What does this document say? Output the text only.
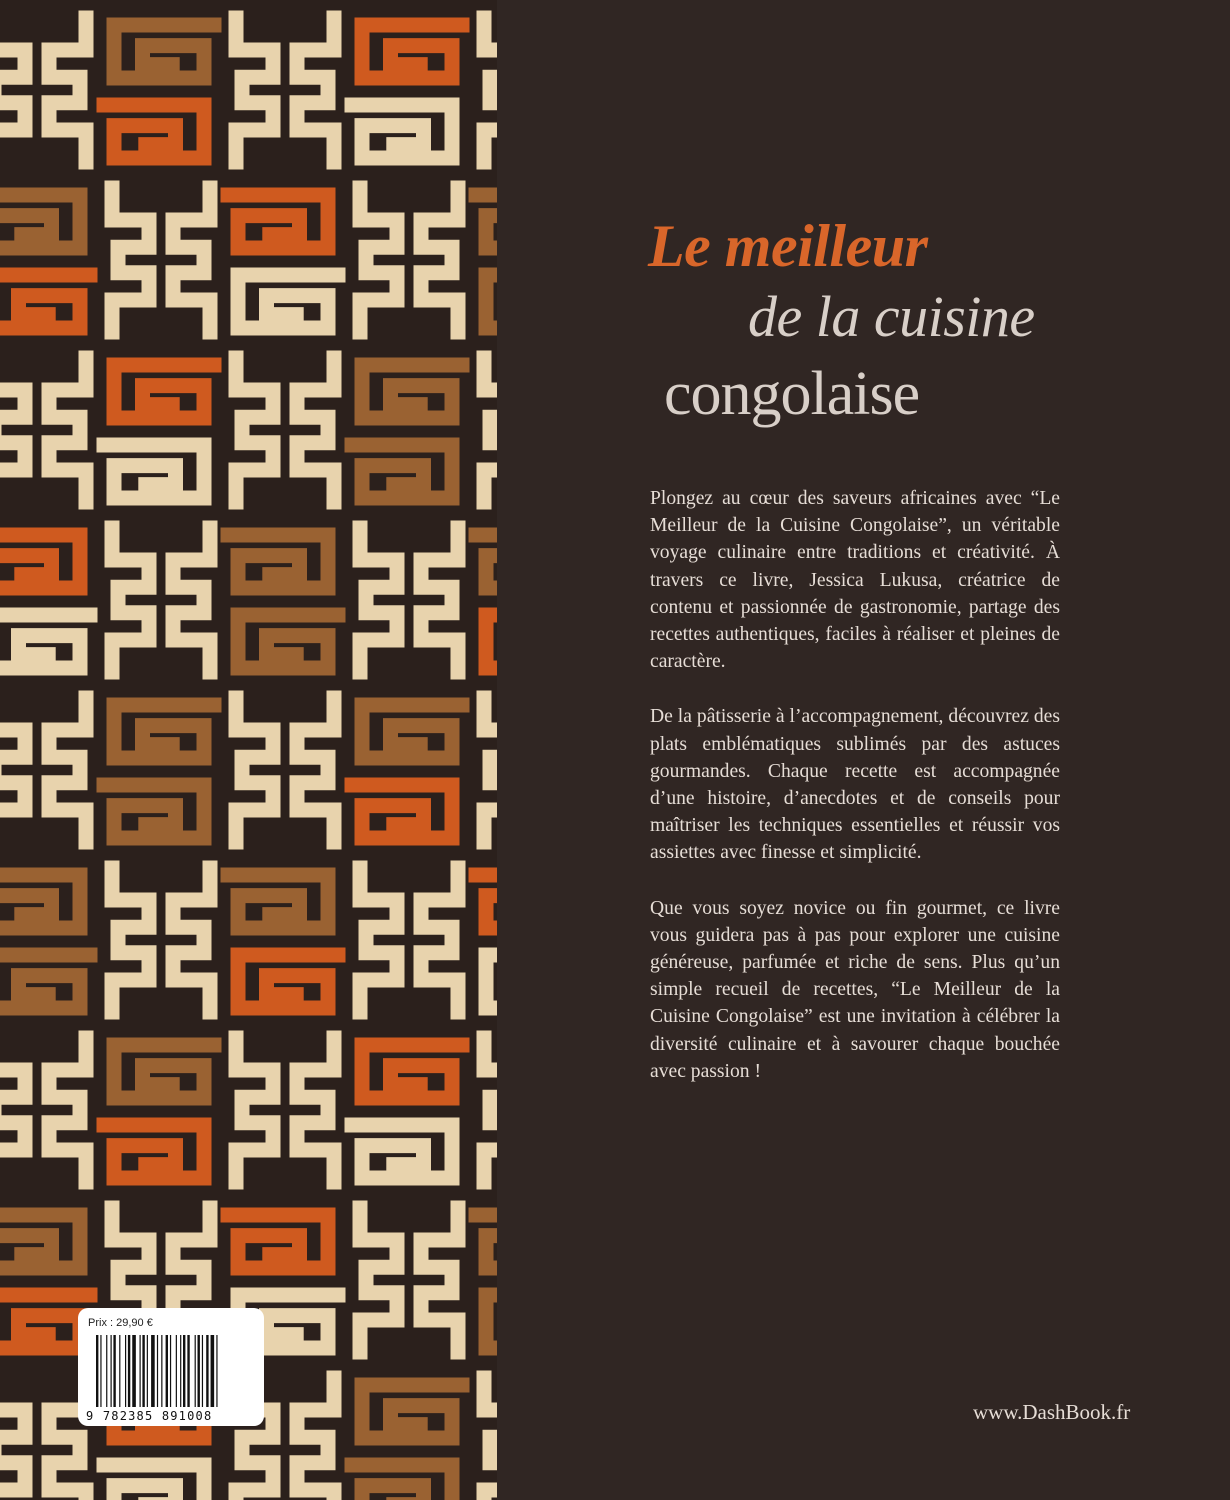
Le meilleur
de la cuisine
congolaise

Plongez au cœur des saveurs africaines avec “Le Meilleur de la Cuisine Congolaise”, un véritable voyage culinaire entre traditions et créativité. À travers ce livre, Jessica Lukusa, créatrice de contenu et passionnée de gastronomie, partage des recettes authentiques, faciles à réaliser et pleines de caractère.

De la pâtisserie à l’accompagnement, découvrez des plats emblématiques sublimés par des astuces gourmandes. Chaque recette est accompagnée d’une histoire, d’anecdotes et de conseils pour maîtriser les techniques essentielles et réussir vos assiettes avec finesse et simplicité.

Que vous soyez novice ou fin gourmet, ce livre vous guidera pas à pas pour explorer une cuisine généreuse, parfumée et riche de sens. Plus qu’un simple recueil de recettes, “Le Meilleur de la Cuisine Congolaise” est une invitation à célébrer la diversité culinaire et à savourer chaque bouchée avec passion !

www.DashBook.fr
Prix : 29,90 €
9 782385 891008
